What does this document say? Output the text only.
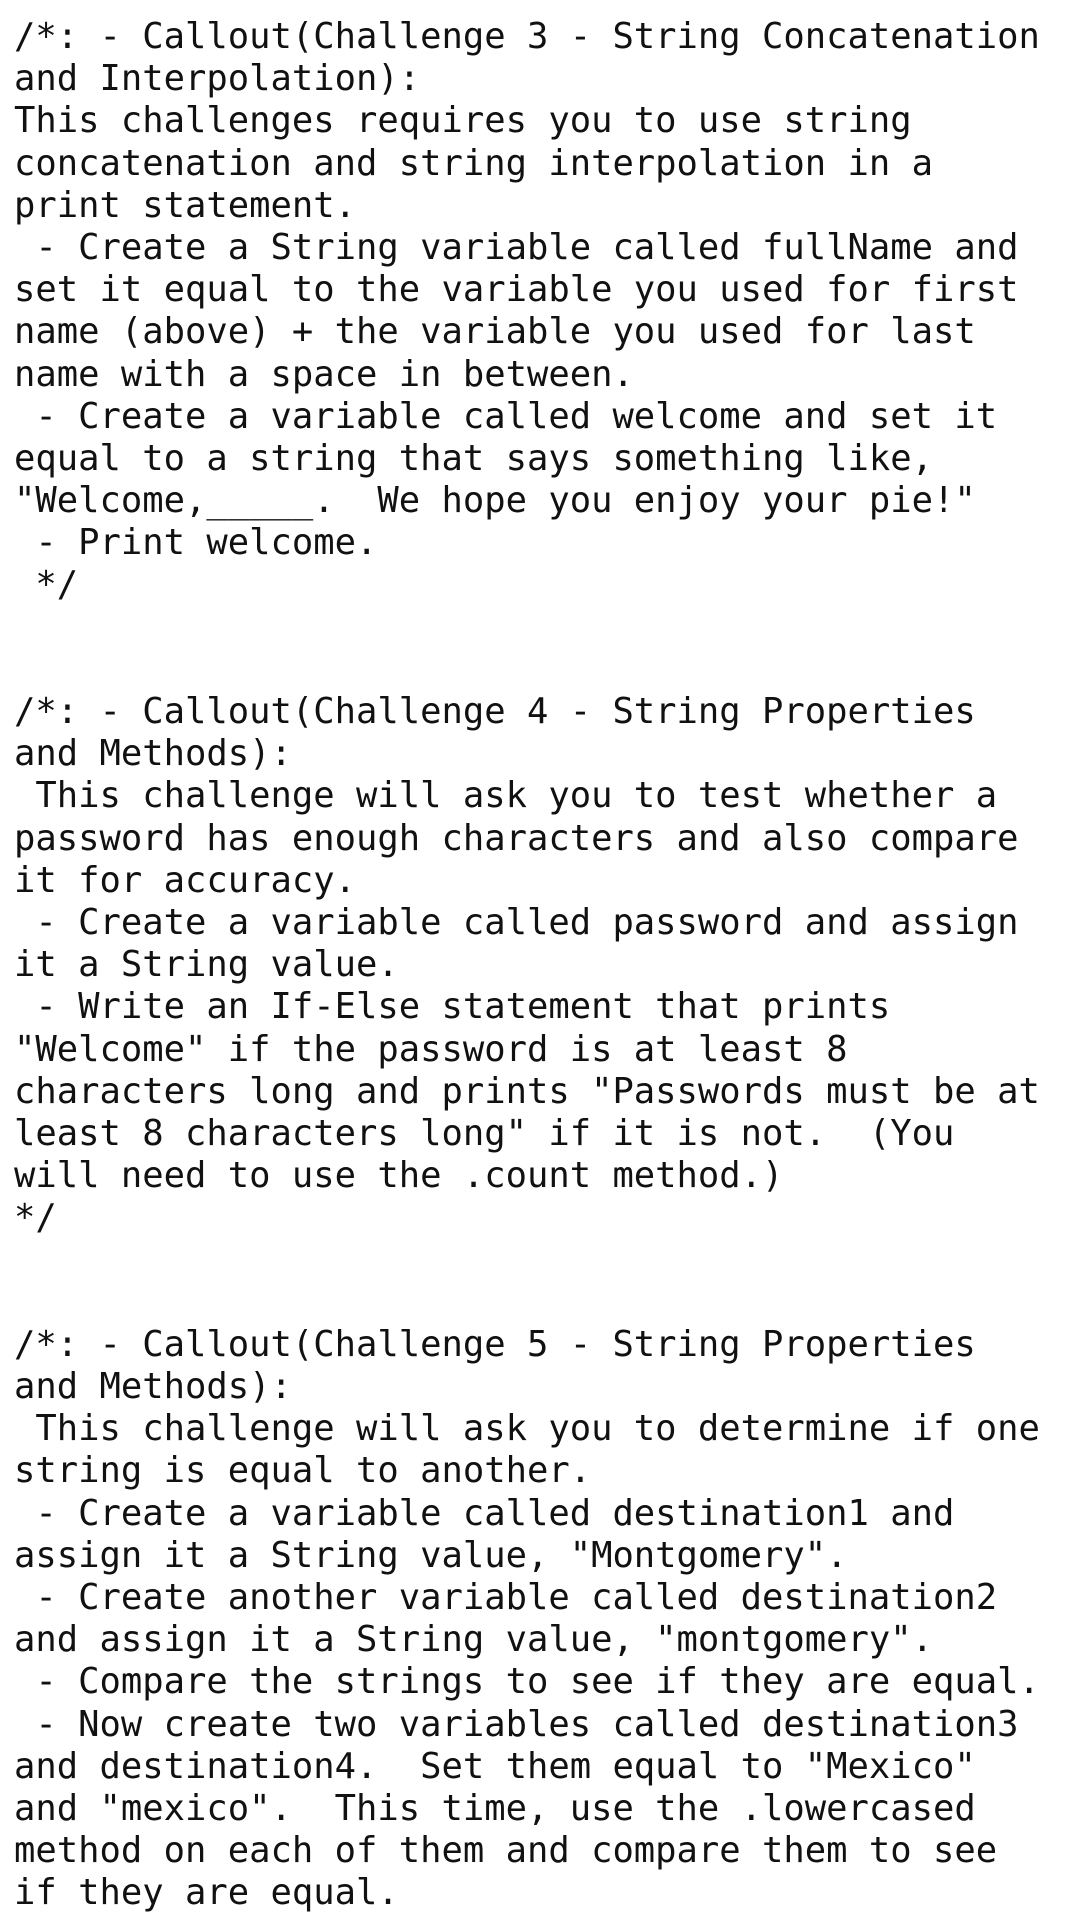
/*: - Callout(Challenge 3 - String Concatenation
and Interpolation):
This challenges requires you to use string
concatenation and string interpolation in a
print statement.
- Create a String variable called fullName and
set it equal to the variable you used for first
name (above) + the variable you used for last
name with a space in between.
- Create a variable called welcome and set it
equal to a string that says something like,
"Welcome,_____.  We hope you enjoy your pie!"
- Print welcome.
*/
/*: - Callout(Challenge 4 - String Properties
and Methods):
This challenge will ask you to test whether a
password has enough characters and also compare
it for accuracy.
- Create a variable called password and assign
it a String value.
- Write an If-Else statement that prints
"Welcome" if the password is at least 8
characters long and prints "Passwords must be at
least 8 characters long" if it is not.  (You
will need to use the .count method.)
*/
/*: - Callout(Challenge 5 - String Properties
and Methods):
This challenge will ask you to determine if one
string is equal to another.
- Create a variable called destination1 and
assign it a String value, "Montgomery".
- Create another variable called destination2
and assign it a String value, "montgomery".
- Compare the strings to see if they are equal.
- Now create two variables called destination3
and destination4.  Set them equal to "Mexico"
and "mexico".  This time, use the .lowercased
method on each of them and compare them to see
if they are equal.
